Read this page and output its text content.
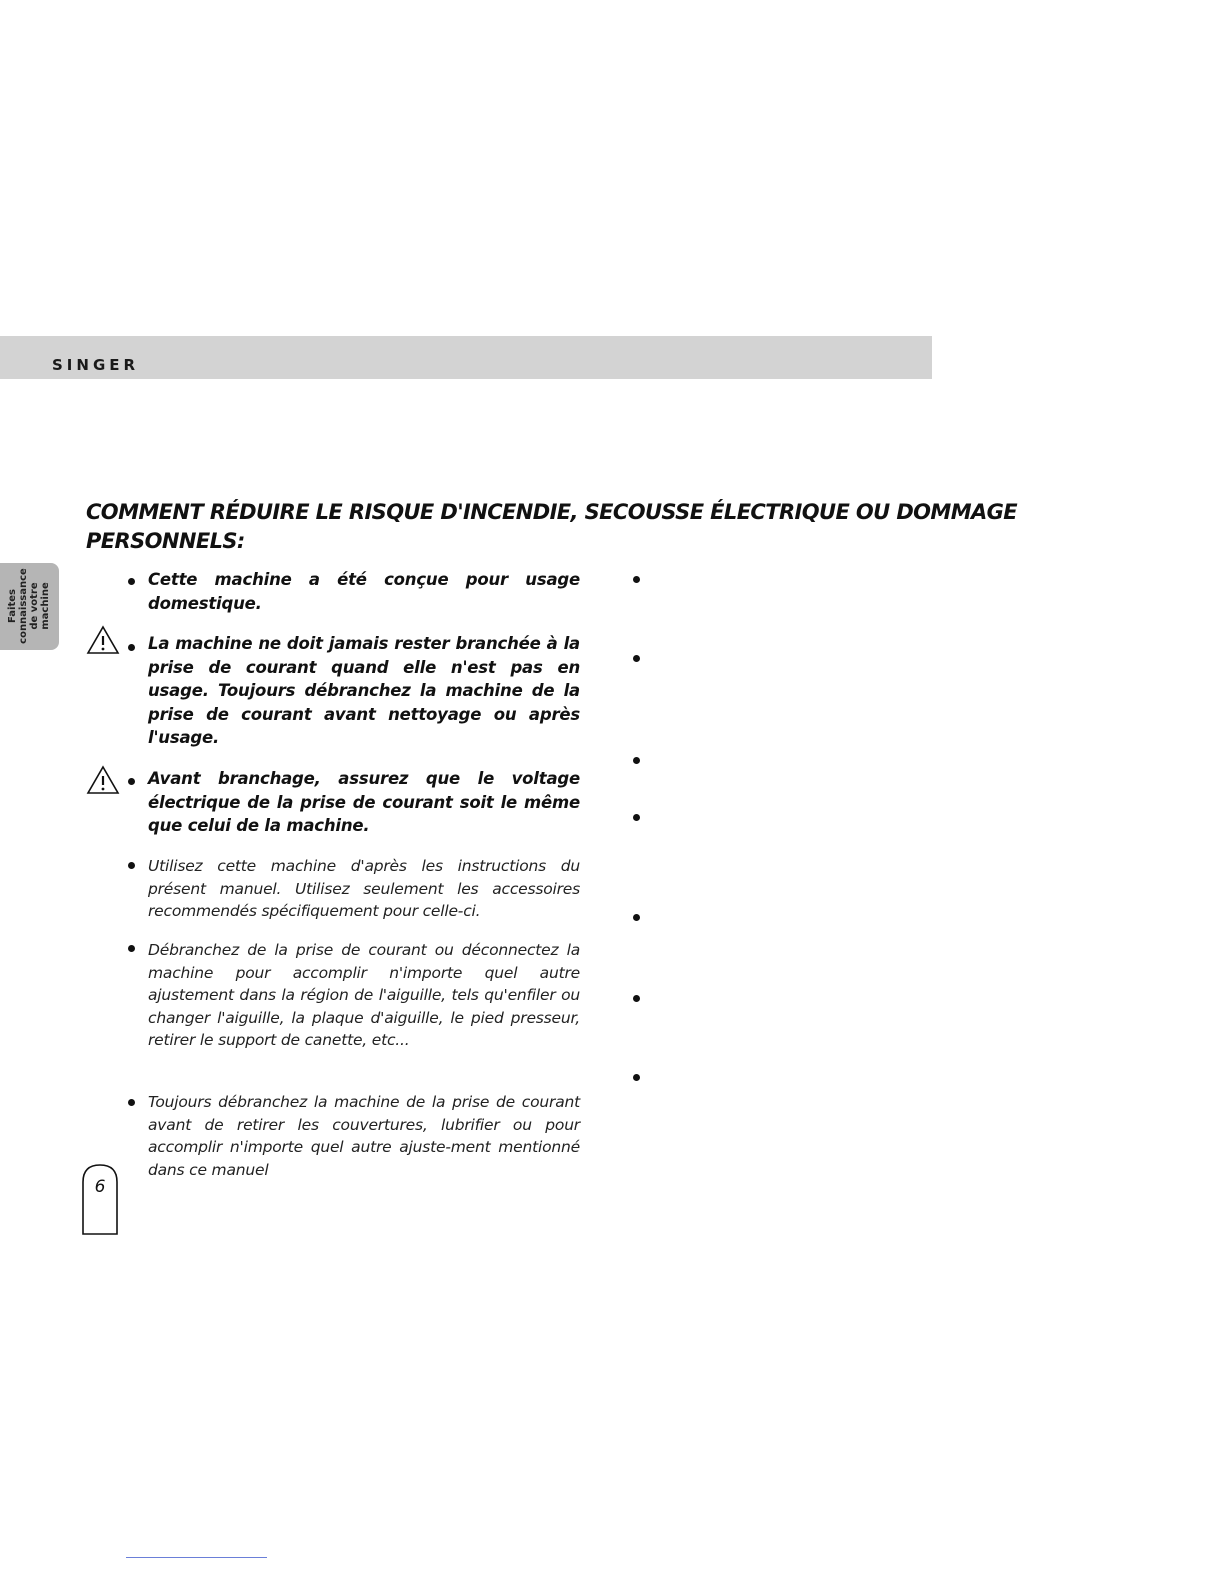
SINGER
Faites connaissance de votre machine
COMMENT RÉDUIRE LE RISQUE D'INCENDIE, SECOUSSE ÉLECTRIQUE OU DOMMAGE PERSONNELS:

Cette machine a été conçue pour usage domestique.

La machine ne doit jamais rester branchée à la prise de courant quand elle n'est pas en usage. Toujours débranchez la machine de la prise de courant avant nettoyage ou après l'usage.

Avant branchage, assurez que le voltage électrique de la prise de courant soit le même que celui de la machine.

Utilisez cette machine d'après les instructions du présent manuel. Utilisez seulement les accessoires recommendés spécifiquement pour celle-ci.

Débranchez de la prise de courant ou déconnectez la machine pour accomplir n'importe quel autre ajustement dans la région de l'aiguille, tels qu'enfiler ou changer l'aiguille, la plaque d'aiguille, le pied presseur, retirer le support de canette, etc...

Toujours débranchez la machine de la prise de courant avant de retirer les couvertures, lubrifier ou pour accomplir n'importe quel autre ajuste-ment mentionné dans ce manuel

6
